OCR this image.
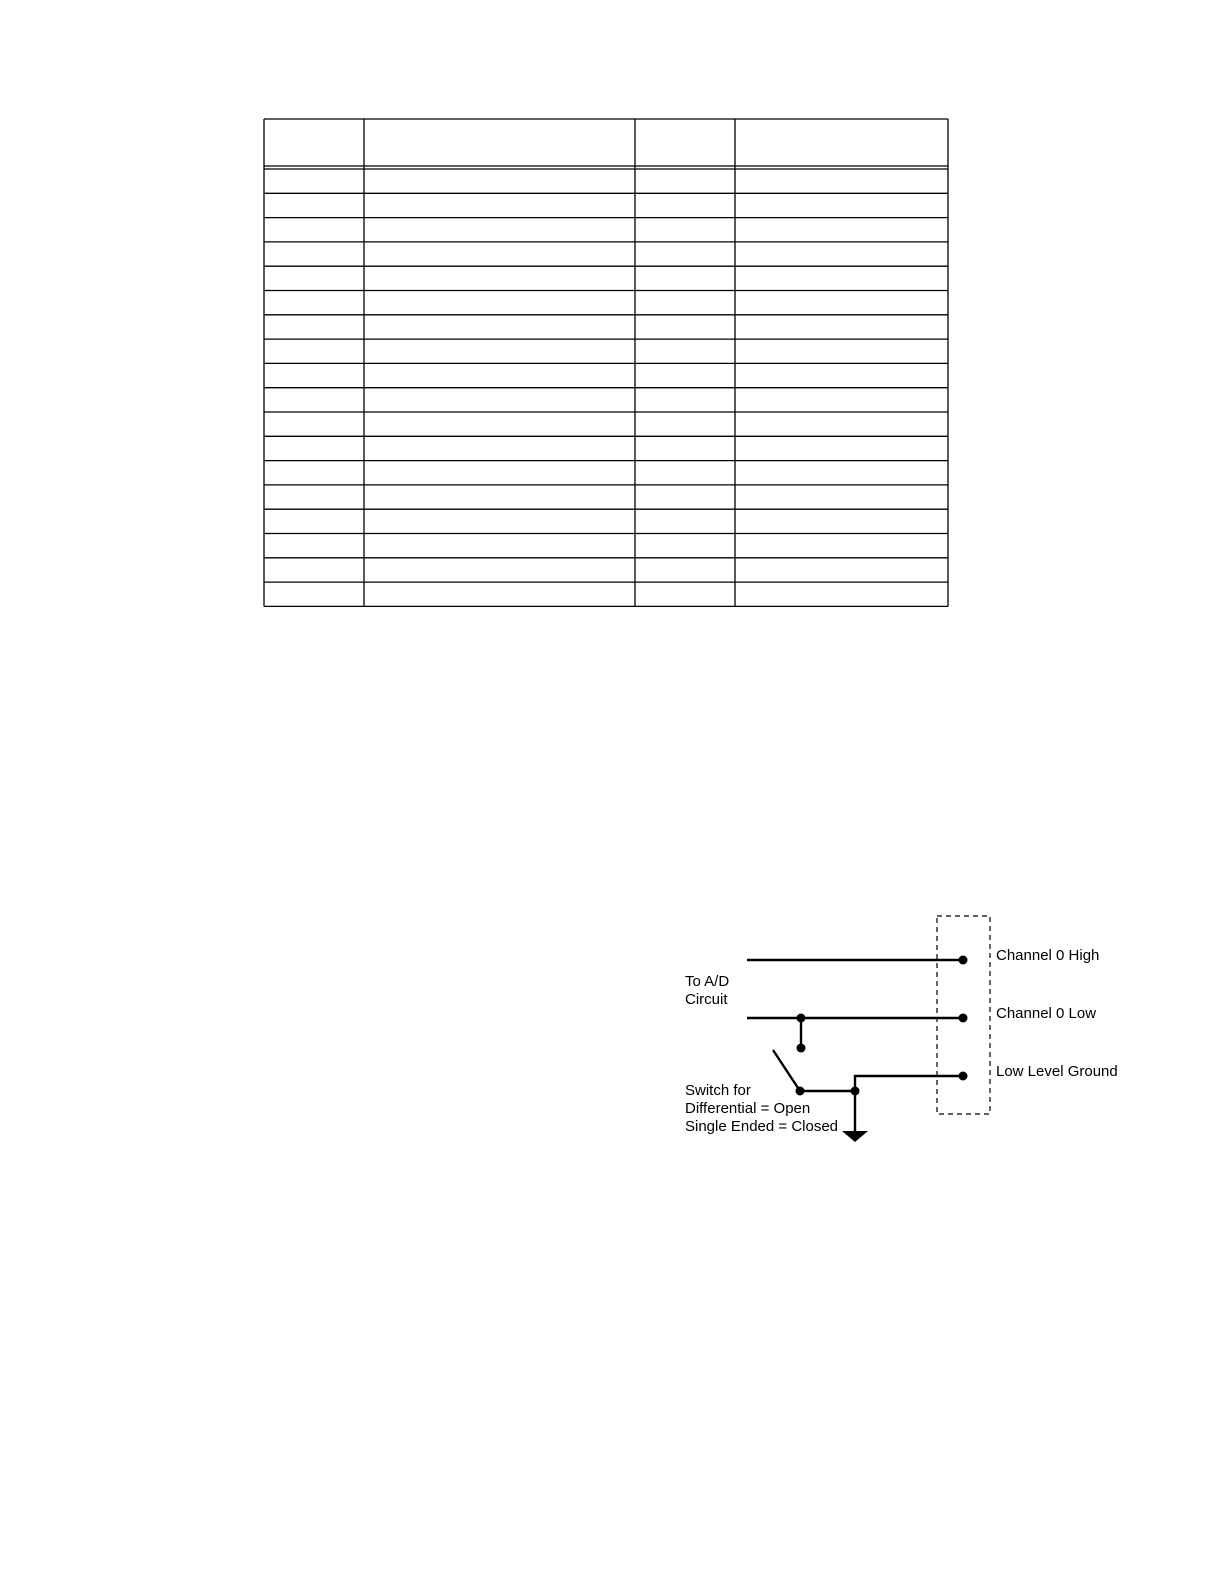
To A/D Circuit
Switch for Differential = Open Single Ended = Closed
Channel 0 High
Channel 0 Low
Low Level Ground
